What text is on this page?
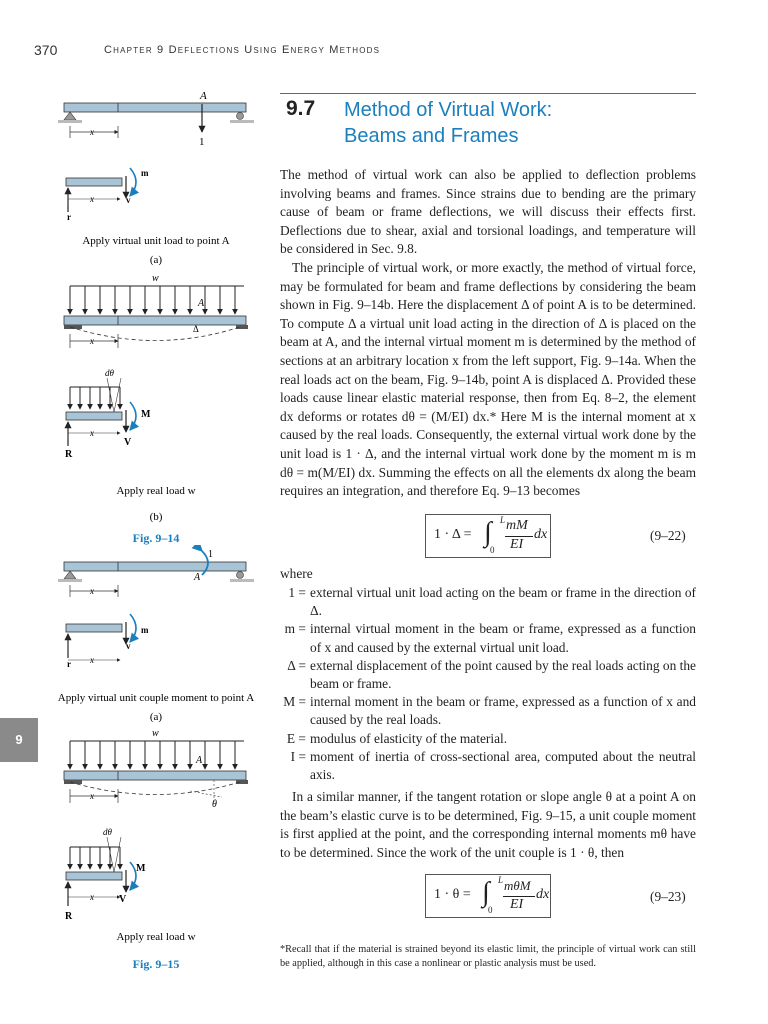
370	Chapter 9 Deflections Using Energy Methods
9.7 Method of Virtual Work:
Beams and Frames

The method of virtual work can also be applied to deflection problems involving beams and frames. Since strains due to bending are the primary cause of beam or frame deflections, we will discuss their effects first. Deflections due to shear, axial and torsional loadings, and temperature will be considered in Sec. 9.8.

The principle of virtual work, or more exactly, the method of virtual force, may be formulated for beam and frame deflections by considering the beam shown in Fig. 9–14b. Here the displacement Δ of point A is to be determined. To compute Δ a virtual unit load acting in the direction of Δ is placed on the beam at A, and the internal virtual moment m is determined by the method of sections at an arbitrary location x from the left support, Fig. 9–14a. When the real loads act on the beam, Fig. 9–14b, point A is displaced Δ. Provided these loads cause linear elastic material response, then from Eq. 8–2, the element dx deforms or rotates dθ = (M/EI) dx.* Here M is the internal moment at x caused by the real loads. Consequently, the external virtual work done by the unit load is 1 · Δ, and the internal virtual work done by the moment m is m dθ = m(M/EI) dx. Summing the effects on all the elements dx along the beam requires an integration, and therefore Eq. 9–13 becomes

1 · Δ = ∫ L
0
mM
EI
dx	(9–22)
where
1 = external virtual unit load acting on the beam or frame in the direction of Δ.
m = internal virtual moment in the beam or frame, expressed as a function of x and caused by the external virtual unit load.
Δ = external displacement of the point caused by the real loads acting on the beam or frame.
M = internal moment in the beam or frame, expressed as a function of x and caused by the real loads.
E = modulus of elasticity of the material.
I = moment of inertia of cross-sectional area, computed about the neutral axis.
In a similar manner, if the tangent rotation or slope angle θ at a point A on the beam’s elastic curve is to be determined, Fig. 9–15, a unit couple moment is first applied at the point, and the corresponding internal moments mθ have to be determined. Since the work of the unit couple is 1 · θ, then
1 · θ = ∫ L
0
mθM
EI
dx	(9–23)
*Recall that if the material is strained beyond its elastic limit, the principle of virtual work can still be applied, although in this case a nonlinear or plastic analysis must be used.
9
A
1
x
m
v
r
x
Apply virtual unit load to point A
(a)
w
A
Δ
x
dθ
M
V
R
x
Apply real load w
(b)
Fig. 9–14
1
A
x
m
v
r x
Apply virtual unit couple moment to point A
(a)
w
A
θ
x
dθ
M
V
R
x
Apply real load w
Fig. 9–15
